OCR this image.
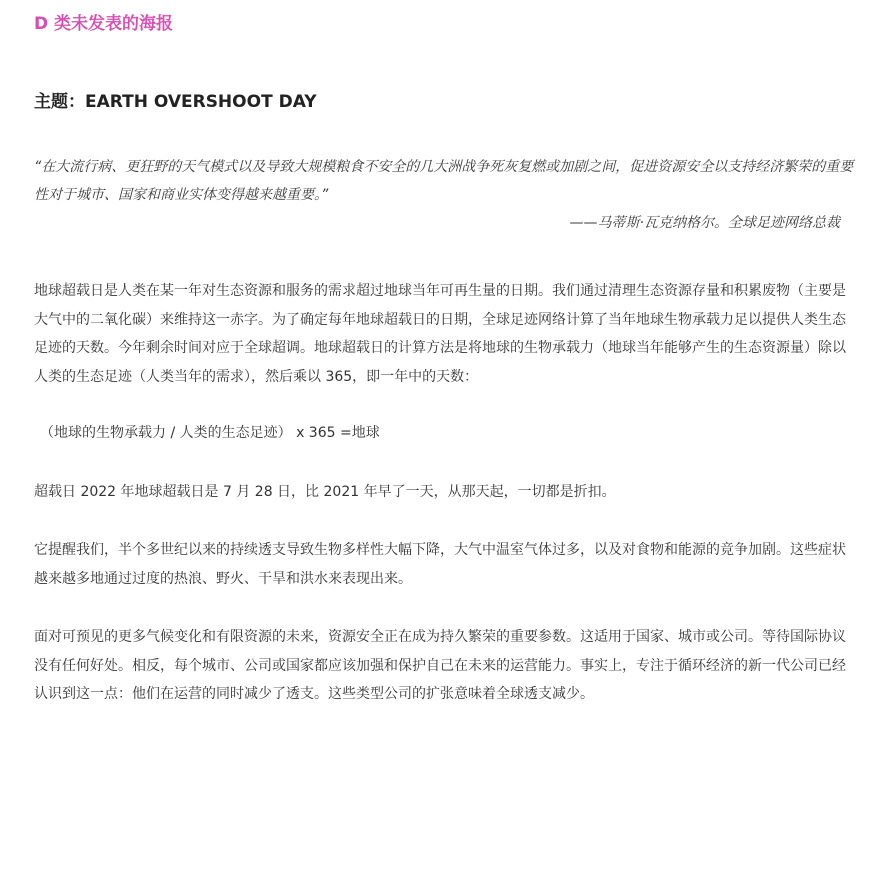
D 类未发表的海报
主题：EARTH OVERSHOOT DAY

“在大流行病、更狂野的天气模式以及导致大规模粮食不安全的几大洲战争死灰复燃或加剧之间，促进资源安全以支持经济繁荣的重要性对于城市、国家和商业实体变得越来越重要。”

——马蒂斯·瓦克纳格尔。全球足迹网络总裁

地球超载日是人类在某一年对生态资源和服务的需求超过地球当年可再生量的日期。我们通过清理生态资源存量和积累废物（主要是大气中的二氧化碳）来维持这一赤字。为了确定每年地球超载日的日期，全球足迹网络计算了当年地球生物承载力足以提供人类生态足迹的天数。今年剩余时间对应于全球超调。地球超载日的计算方法是将地球的生物承载力（地球当年能够产生的生态资源量）除以人类的生态足迹（人类当年的需求），然后乘以 365，即一年中的天数：

（地球的生物承载力 / 人类的生态足迹） x 365 =地球

超载日 2022 年地球超载日是 7 月 28 日，比 2021 年早了一天，从那天起，一切都是折扣。

它提醒我们，半个多世纪以来的持续透支导致生物多样性大幅下降，大气中温室气体过多，以及对食物和能源的竞争加剧。这些症状越来越多地通过过度的热浪、野火、干旱和洪水来表现出来。

面对可预见的更多气候变化和有限资源的未来，资源安全正在成为持久繁荣的重要参数。这适用于国家、城市或公司。等待国际协议没有任何好处。相反，每个城市、公司或国家都应该加强和保护自己在未来的运营能力。事实上，专注于循环经济的新一代公司已经认识到这一点：他们在运营的同时减少了透支。这些类型公司的扩张意味着全球透支减少。
